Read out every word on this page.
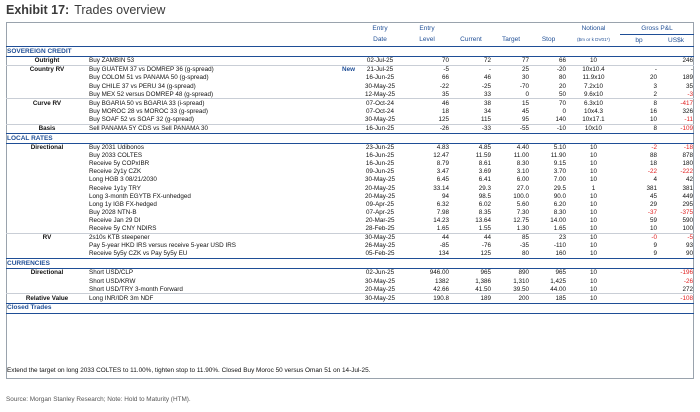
Exhibit 17: Trades overview
			Entry	Entry				Notional	Gross P&L	
			Date	Level	Current	Target	Stop	($m or k DV01*)	bp	US$k
SOVEREIGN CREDIT										
Outright	Buy ZAMBIN 53		02-Jul-25	70	72	77	66	10		246
Country RV	Buy GUATEM 37 vs DOMREP 36 (g-spread)	New	21-Jul-25	-5	-	25	-20	10x10.4	-	-
	Buy COLOM 51 vs PANAMA 50 (g-spread)		16-Jun-25	66	46	30	80	11.9x10	20	189
	Buy CHILE 37 vs PERU 34 (g-spread)		30-May-25	-22	-25	-70	20	7.2x10	3	35
	Buy MEX 52 versus DOMREP 48 (g-spread)		12-May-25	35	33	0	50	9.6x10	2	-3
Curve RV	Buy BGARIA 50 vs BGARIA 33 (i-spread)		07-Oct-24	46	38	15	70	6.3x10	8	-417
	Buy MOROC 28 vs MOROC 33 (g-spread)		07-Oct-24	18	34	45	0	10x4.3	16	326
	Buy SOAF 52 vs SOAF 32 (g-spread)		30-May-25	125	115	95	140	10x17.1	10	-11
Basis	Sell PANAMA 5Y CDS vs Sell PANAMA 30		16-Jun-25	-26	-33	-55	-10	10x10	8	-109
LOCAL RATES										
Directional	Buy 2031 Udibonos		23-Jun-25	4.83	4.85	4.40	5.10	10	-2	-18
	Buy 2033 COLTES		16-Jun-25	12.47	11.59	11.00	11.90	10	88	878
	Receive 5y COPxIBR		16-Jun-25	8.79	8.61	8.30	9.15	10	18	180
	Receive 2y1y CZK		09-Jun-25	3.47	3.69	3.10	3.70	10	-22	-222
	Long HGB 3 08/21/2030		30-May-25	6.45	6.41	6.00	7.00	10	4	42
	Receive 1y1y TRY		20-May-25	33.14	29.3	27.0	29.5	1	381	381
	Long 3-month EGYTB FX-unhedged		20-May-25	94	98.5	100.0	90.0	10	45	449
	Long 1y IGB FX-hedged		09-Apr-25	6.32	6.02	5.60	6.20	10	29	295
	Buy 2028 NTN-B		07-Apr-25	7.98	8.35	7.30	8.30	10	-37	-375
	Receive Jan 29 DI		20-Mar-25	14.23	13.64	12.75	14.00	10	59	590
	Receive 5y CNY NDIRS		28-Feb-25	1.65	1.55	1.30	1.65	10	10	100
RV	2s10s KTB steepener		30-May-25	44	44	85	23	10	-0	-5
	Pay 5-year HKD IRS versus receive 5-year USD IRS		26-May-25	-85	-76	-35	-110	10	9	93
	Receive 5y5y CZK vs Pay 5y5y EU		05-Feb-25	134	125	80	160	10	9	90
CURRENCIES										
Directional	Short USD/CLP		02-Jun-25	946.00	965	890	965	10		-196
	Short USD/KRW		30-May-25	1382	1,386	1,310	1,425	10		-26
	Short USD/TRY 3-month Forward		20-May-25	42.66	41.50	39.50	44.00	10		272
Relative Value	Long INR/IDR 3m NDF		30-May-25	190.8	189	200	185	10		-108
Closed Trades										
Extend the target on long 2033 COLTES to 11.00%, tighten stop to 11.90%. Closed Buy Moroc 50 versus Oman 51 on 14-Jul-25.
Source: Morgan Stanley Research; Note: Hold to Maturity (HTM).
